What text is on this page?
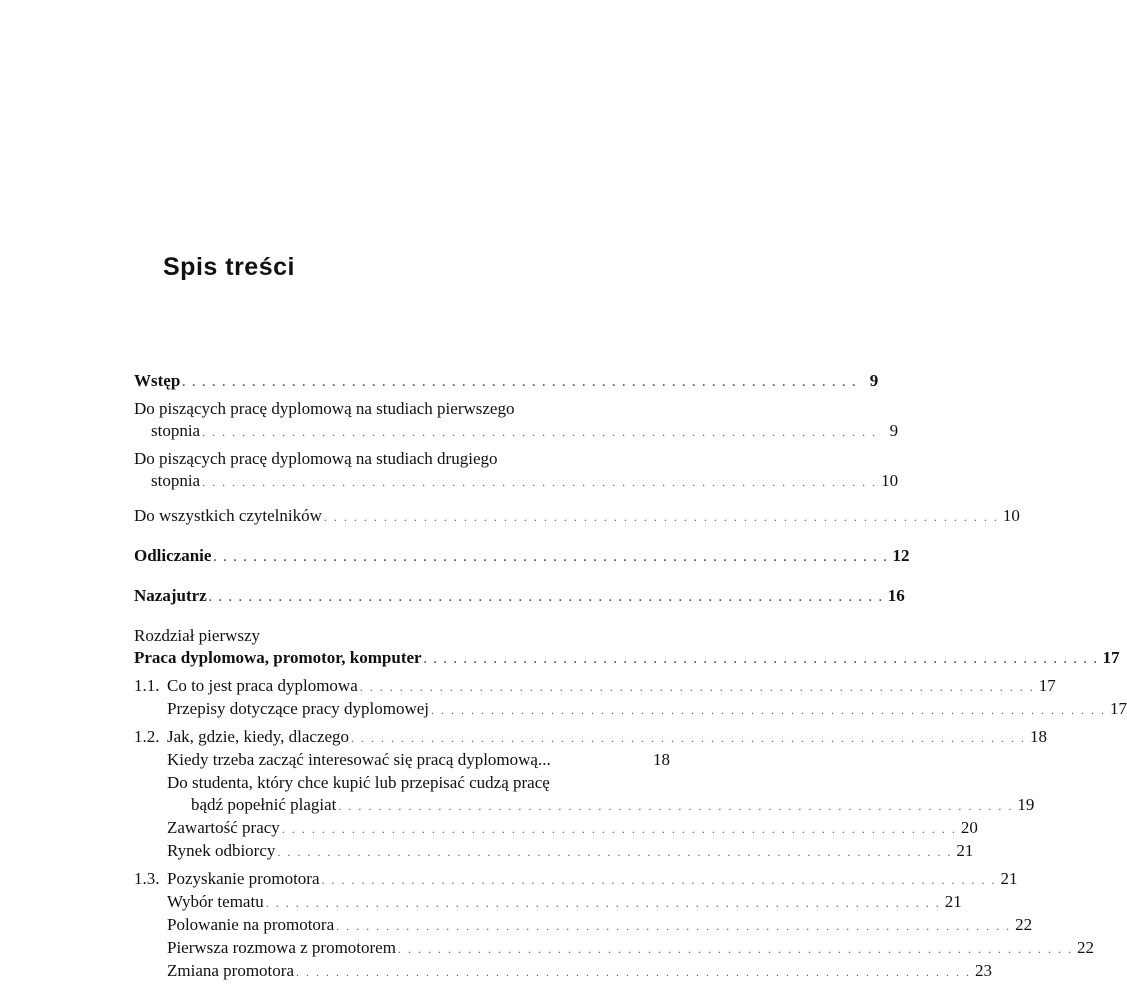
Spis treści
Wstęp . . . . . . . . . . . . . . . . . . . . . . . . . . . . . . . . . . . . . . . . . . . . . . . . . . . . . . . . . . . . . . . . . . . . 9
Do piszących pracę dyplomową na studiach pierwszego
stopnia . . . . . . . . . . . . . . . . . . . . . . . . . . . . . . . . . . . . . . . . . . . . . . . . . . . . . . . . . . . . . . . . . . . . 9
Do piszących pracę dyplomową na studiach drugiego
stopnia . . . . . . . . . . . . . . . . . . . . . . . . . . . . . . . . . . . . . . . . . . . . . . . . . . . . . . . . . . . . . . . . . . . . 10
Do wszystkich czytelników . . . . . . . . . . . . . . . . . . . . . . . . . . . . . . . . . . . . . . . . . . . . . . . . . . . . . . . . . . . . . . . . . . . . 10
Odliczanie . . . . . . . . . . . . . . . . . . . . . . . . . . . . . . . . . . . . . . . . . . . . . . . . . . . . . . . . . . . . . . . . . . . . 12
Nazajutrz . . . . . . . . . . . . . . . . . . . . . . . . . . . . . . . . . . . . . . . . . . . . . . . . . . . . . . . . . . . . . . . . . . . . 16
Rozdział pierwszy
Praca dyplomowa, promotor, komputer . . . . . . . . . . . . . . . . . . . . . . . . . . . . . . . . . . . . . . . . . . . . . . . . . . . . . . . . . . . . . . . . . . . . 17
1.1. Co to jest praca dyplomowa . . . . . . . . . . . . . . . . . . . . . . . . . . . . . . . . . . . . . . . . . . . . . . . . . . . . . . . . . . . . . . . . . . . . 17
Przepisy dotyczące pracy dyplomowej . . . . . . . . . . . . . . . . . . . . . . . . . . . . . . . . . . . . . . . . . . . . . . . . . . . . . . . . . . . . . . . . . . . . 17
1.2. Jak, gdzie, kiedy, dlaczego . . . . . . . . . . . . . . . . . . . . . . . . . . . . . . . . . . . . . . . . . . . . . . . . . . . . . . . . . . . . . . . . . . . . 18
Kiedy trzeba zacząć interesować się pracą dyplomową...	18
Do studenta, który chce kupić lub przepisać cudzą pracę
bądź popełnić plagiat . . . . . . . . . . . . . . . . . . . . . . . . . . . . . . . . . . . . . . . . . . . . . . . . . . . . . . . . . . . . . . . . . . . . 19
Zawartość pracy . . . . . . . . . . . . . . . . . . . . . . . . . . . . . . . . . . . . . . . . . . . . . . . . . . . . . . . . . . . . . . . . . . . . 20
Rynek odbiorcy . . . . . . . . . . . . . . . . . . . . . . . . . . . . . . . . . . . . . . . . . . . . . . . . . . . . . . . . . . . . . . . . . . . . 21
1.3. Pozyskanie promotora . . . . . . . . . . . . . . . . . . . . . . . . . . . . . . . . . . . . . . . . . . . . . . . . . . . . . . . . . . . . . . . . . . . . 21
Wybór tematu . . . . . . . . . . . . . . . . . . . . . . . . . . . . . . . . . . . . . . . . . . . . . . . . . . . . . . . . . . . . . . . . . . . . 21
Polowanie na promotora . . . . . . . . . . . . . . . . . . . . . . . . . . . . . . . . . . . . . . . . . . . . . . . . . . . . . . . . . . . . . . . . . . . . 22
Pierwsza rozmowa z promotorem . . . . . . . . . . . . . . . . . . . . . . . . . . . . . . . . . . . . . . . . . . . . . . . . . . . . . . . . . . . . . . . . . . . . 22
Zmiana promotora . . . . . . . . . . . . . . . . . . . . . . . . . . . . . . . . . . . . . . . . . . . . . . . . . . . . . . . . . . . . . . . . . . . . 23
